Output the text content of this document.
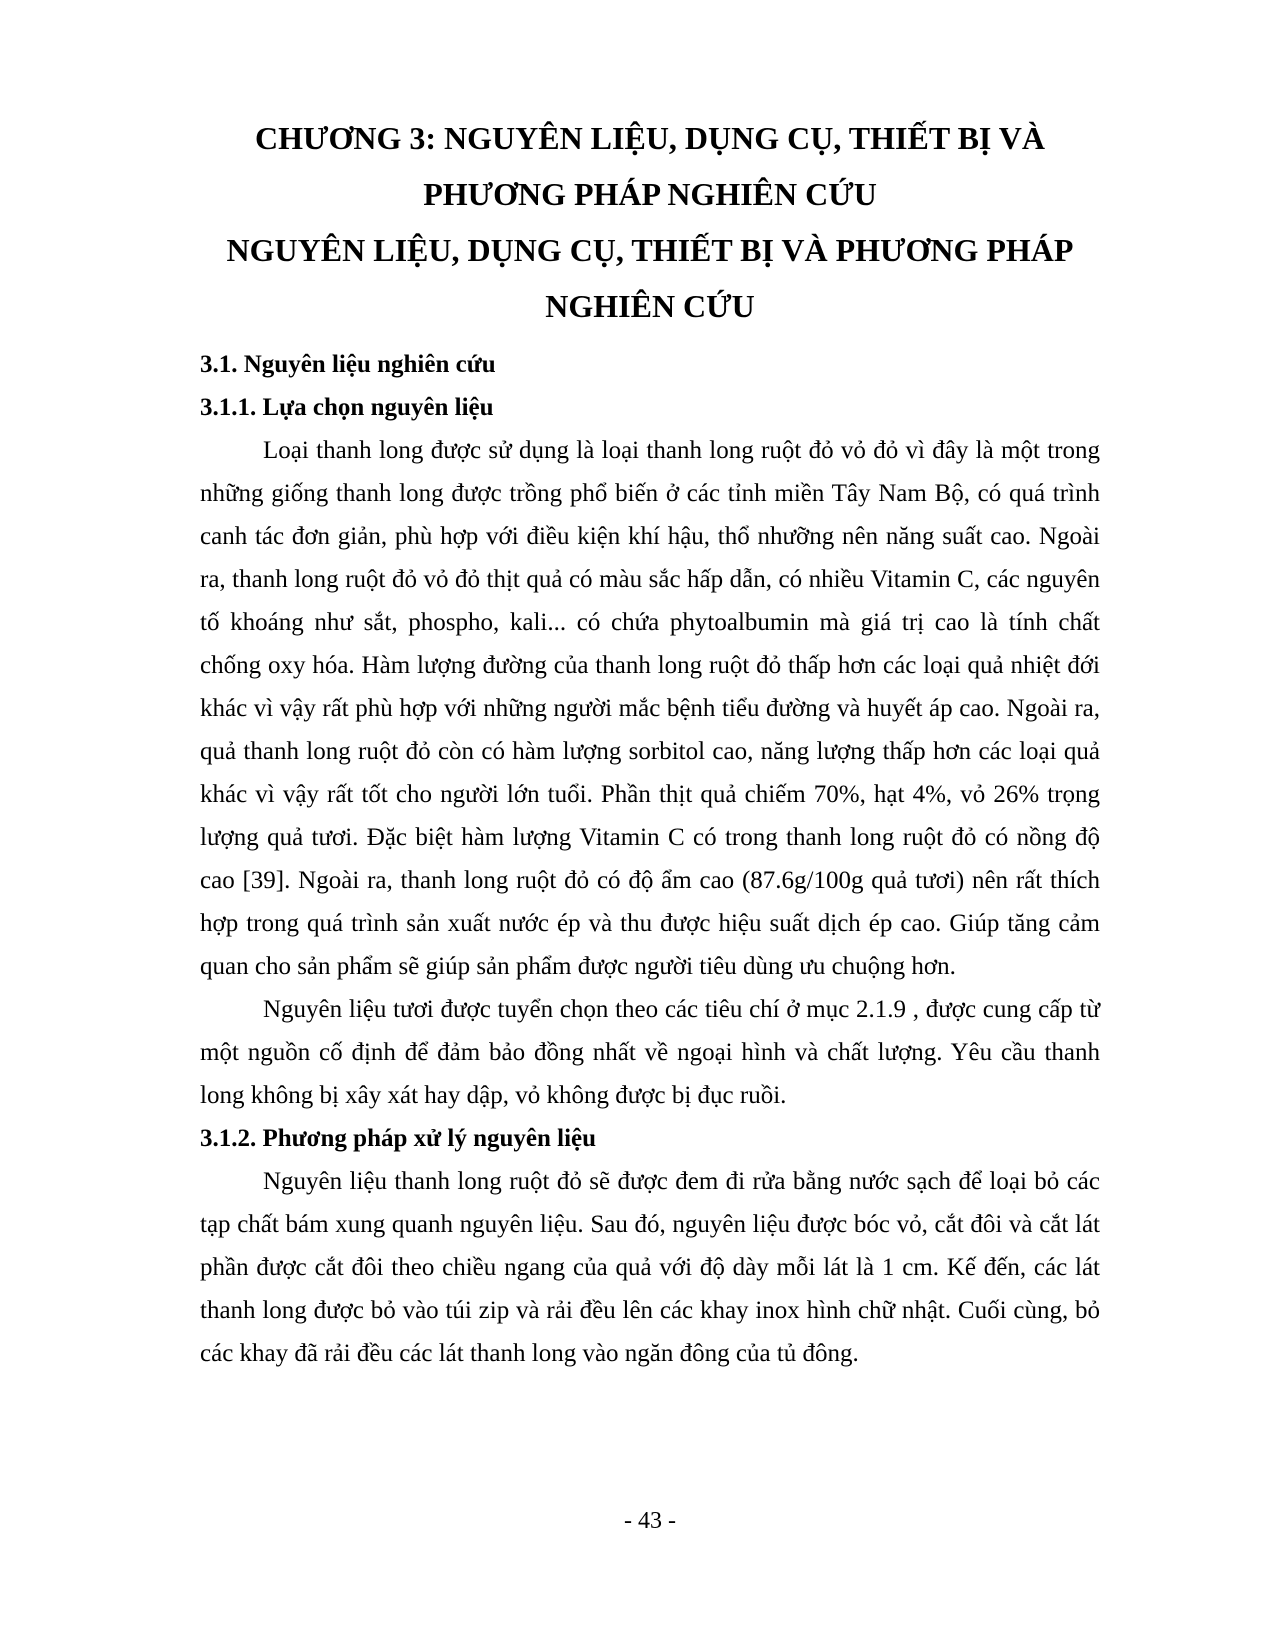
CHƯƠNG 3: NGUYÊN LIỆU, DỤNG CỤ, THIẾT BỊ VÀ
PHƯƠNG PHÁP NGHIÊN CỨU
NGUYÊN LIỆU, DỤNG CỤ, THIẾT BỊ VÀ PHƯƠNG PHÁP
NGHIÊN CỨU
3.1. Nguyên liệu nghiên cứu
3.1.1. Lựa chọn nguyên liệu

Loại thanh long được sử dụng là loại thanh long ruột đỏ vỏ đỏ vì đây là một trong những giống thanh long được trồng phổ biến ở các tỉnh miền Tây Nam Bộ, có quá trình canh tác đơn giản, phù hợp với điều kiện khí hậu, thổ nhưỡng nên năng suất cao. Ngoài ra, thanh long ruột đỏ vỏ đỏ thịt quả có màu sắc hấp dẫn, có nhiều Vitamin C, các nguyên tố khoáng như sắt, phospho, kali... có chứa phytoalbumin mà giá trị cao là tính chất chống oxy hóa. Hàm lượng đường của thanh long ruột đỏ thấp hơn các loại quả nhiệt đới khác vì vậy rất phù hợp với những người mắc bệnh tiểu đường và huyết áp cao. Ngoài ra, quả thanh long ruột đỏ còn có hàm lượng sorbitol cao, năng lượng thấp hơn các loại quả khác vì vậy rất tốt cho người lớn tuổi. Phần thịt quả chiếm 70%, hạt 4%, vỏ 26% trọng lượng quả tươi. Đặc biệt hàm lượng Vitamin C có trong thanh long ruột đỏ có nồng độ cao [39]. Ngoài ra, thanh long ruột đỏ có độ ẩm cao (87.6g/100g quả tươi) nên rất thích hợp trong quá trình sản xuất nước ép và thu được hiệu suất dịch ép cao. Giúp tăng cảm quan cho sản phẩm sẽ giúp sản phẩm được người tiêu dùng ưu chuộng hơn.

Nguyên liệu tươi được tuyển chọn theo các tiêu chí ở mục 2.1.9 , được cung cấp từ một nguồn cố định để đảm bảo đồng nhất về ngoại hình và chất lượng. Yêu cầu thanh long không bị xây xát hay dập, vỏ không được bị đục ruồi.

3.1.2. Phương pháp xử lý nguyên liệu

Nguyên liệu thanh long ruột đỏ sẽ được đem đi rửa bằng nước sạch để loại bỏ các tạp chất bám xung quanh nguyên liệu. Sau đó, nguyên liệu được bóc vỏ, cắt đôi và cắt lát phần được cắt đôi theo chiều ngang của quả với độ dày mỗi lát là 1 cm. Kế đến, các lát thanh long được bỏ vào túi zip và rải đều lên các khay inox hình chữ nhật. Cuối cùng, bỏ các khay đã rải đều các lát thanh long vào ngăn đông của tủ đông.

- 43 -
